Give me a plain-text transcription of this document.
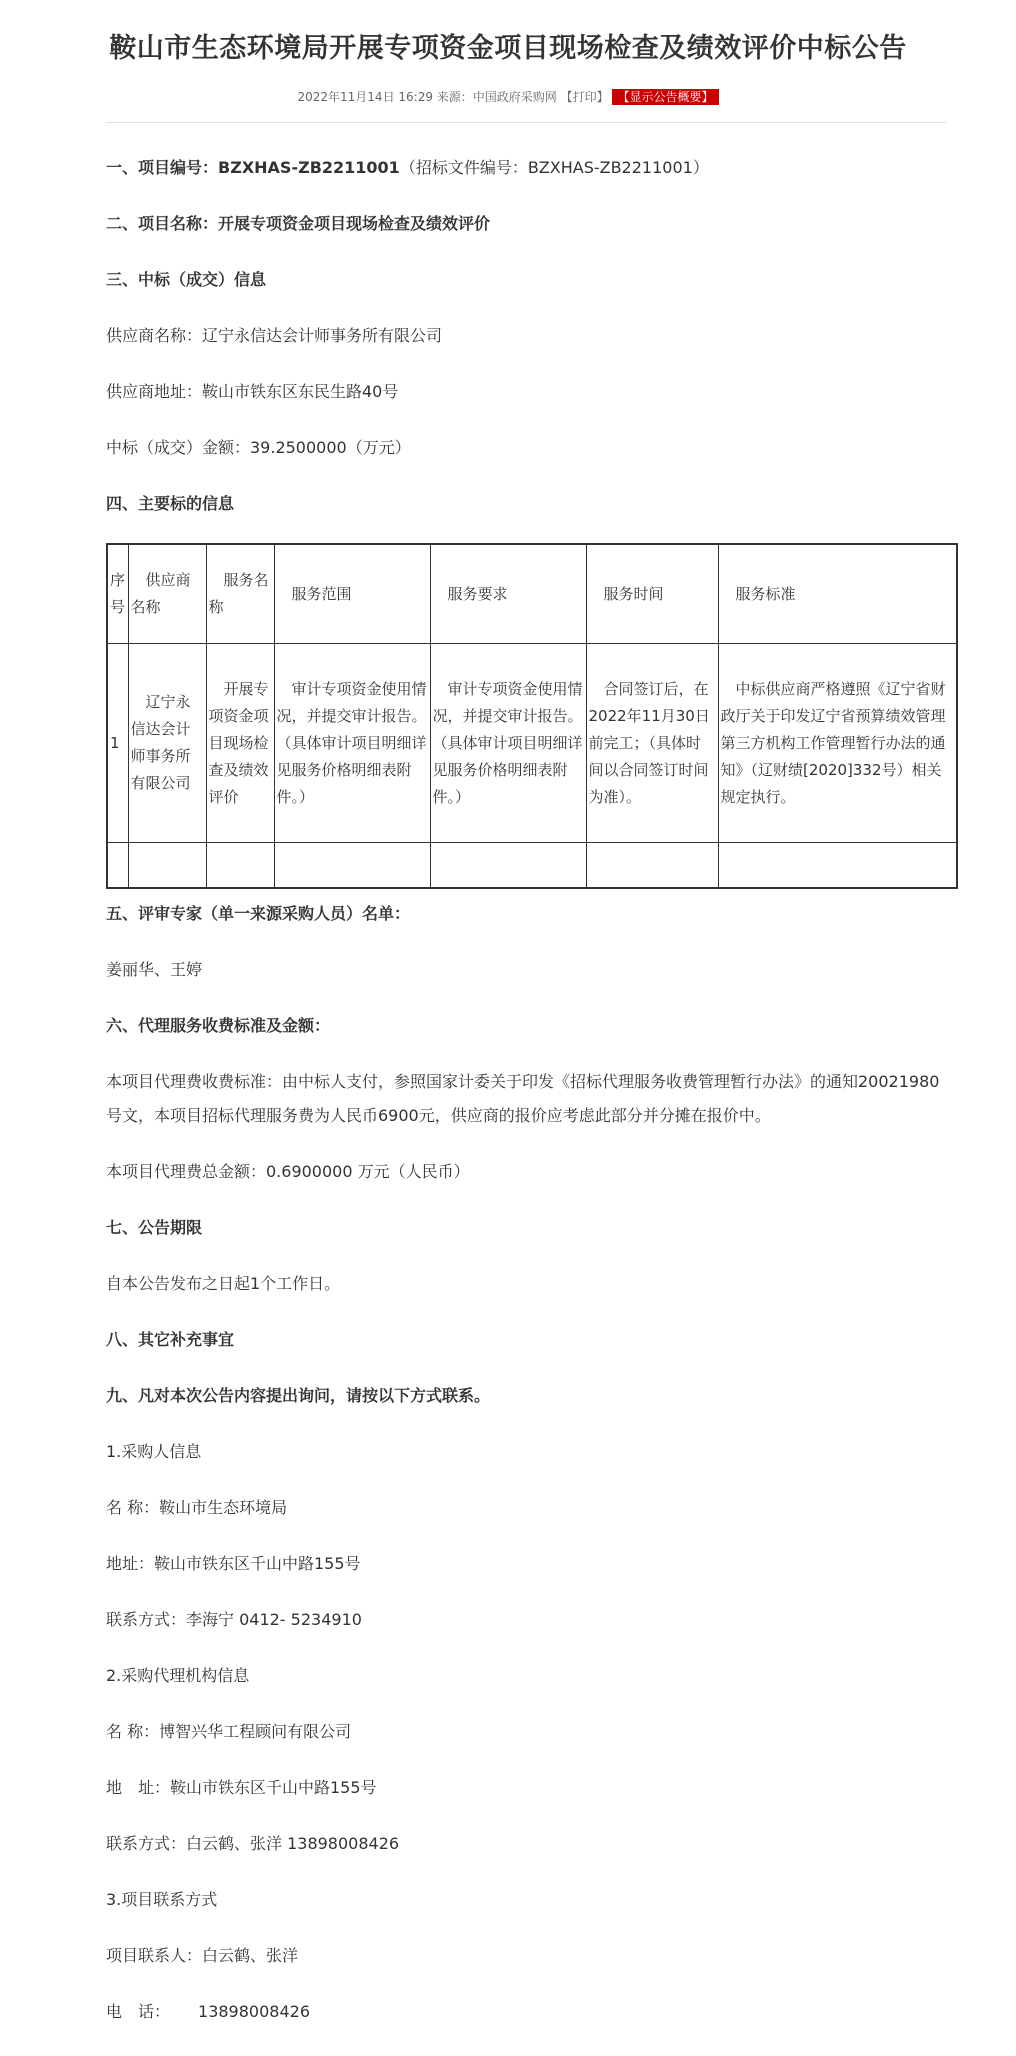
鞍山市生态环境局开展专项资金项目现场检查及绩效评价中标公告
2022年11月14日 16:29 来源：中国政府采购网 【打印】 【显示公告概要】
一、项目编号：BZXHAS-ZB2211001（招标文件编号：BZXHAS-ZB2211001）
二、项目名称：开展专项资金项目现场检查及绩效评价
三、中标（成交）信息
供应商名称：辽宁永信达会计师事务所有限公司
供应商地址：鞍山市铁东区东民生路40号
中标（成交）金额：39.2500000（万元）
四、主要标的信息
序号	供应商名称	服务名称	服务范围	服务要求	服务时间	服务标准
1	辽宁永信达会计师事务所有限公司	开展专项资金项目现场检查及绩效评价	审计专项资金使用情况，并提交审计报告。（具体审计项目明细详见服务价格明细表附件。）	审计专项资金使用情况，并提交审计报告。（具体审计项目明细详见服务价格明细表附件。）	合同签订后，在2022年11月30日前完工；（具体时间以合同签订时间为准）。	中标供应商严格遵照《辽宁省财政厅关于印发辽宁省预算绩效管理第三方机构工作管理暂行办法的通知》（辽财绩[2020]332号）相关规定执行。

五、评审专家（单一来源采购人员）名单：
姜丽华、王婷
六、代理服务收费标准及金额：
本项目代理费收费标准：由中标人支付，参照国家计委关于印发《招标代理服务收费管理暂行办法》的通知20021980号文，本项目招标代理服务费为人民币6900元，供应商的报价应考虑此部分并分摊在报价中。
本项目代理费总金额：0.6900000 万元（人民币）
七、公告期限
自本公告发布之日起1个工作日。
八、其它补充事宜
九、凡对本次公告内容提出询问，请按以下方式联系。
1.采购人信息
名 称：鞍山市生态环境局
地址：鞍山市铁东区千山中路155号
联系方式：李海宁 0412- 5234910
2.采购代理机构信息
名 称：博智兴华工程顾问有限公司
地　址：鞍山市铁东区千山中路155号
联系方式：白云鹤、张洋 13898008426
3.项目联系方式
项目联系人：白云鹤、张洋
电　话： 13898008426
